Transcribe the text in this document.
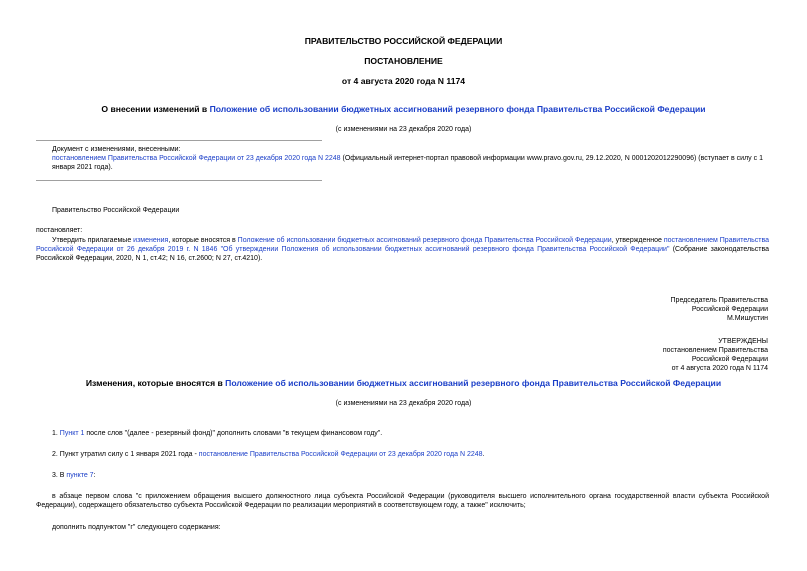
ПРАВИТЕЛЬСТВО РОССИЙСКОЙ ФЕДЕРАЦИИ
ПОСТАНОВЛЕНИЕ
от 4 августа 2020 года N 1174
О внесении изменений в Положение об использовании бюджетных ассигнований резервного фонда Правительства Российской Федерации
(с изменениями на 23 декабря 2020 года)

Документ с изменениями, внесенными:

постановлением Правительства Российской Федерации от 23 декабря 2020 года N 2248 (Официальный интернет-портал правовой информации www.pravo.gov.ru, 29.12.2020, N 0001202012290096) (вступает в силу с 1 января 2021 года).

Правительство Российской Федерации
постановляет:
Утвердить прилагаемые изменения, которые вносятся в Положение об использовании бюджетных ассигнований резервного фонда Правительства Российской Федерации, утвержденное постановлением Правительства Российской Федерации от 26 декабря 2019 г. N 1846 "Об утверждении Положения об использовании бюджетных ассигнований резервного фонда Правительства Российской Федерации" (Собрание законодательства Российской Федерации, 2020, N 1, ст.42; N 16, ст.2600; N 27, ст.4210).

Председатель Правительства

Российской Федерации

М.Мишустин

УТВЕРЖДЕНЫ

постановлением Правительства

Российской Федерации

от 4 августа 2020 года N 1174

Изменения, которые вносятся в Положение об использовании бюджетных ассигнований резервного фонда Правительства Российской Федерации
(с изменениями на 23 декабря 2020 года)
1. Пункт 1 после слов "(далее - резервный фонд)" дополнить словами "в текущем финансовом году".
2. Пункт утратил силу с 1 января 2021 года - постановление Правительства Российской Федерации от 23 декабря 2020 года N 2248.
3. В пункте 7:
в абзаце первом слова "с приложением обращения высшего должностного лица субъекта Российской Федерации (руководителя высшего исполнительного органа государственной власти субъекта Российской Федерации), содержащего обязательство субъекта Российской Федерации по реализации мероприятий в соответствующем году, а также" исключить;
дополнить подпунктом "г" следующего содержания:
